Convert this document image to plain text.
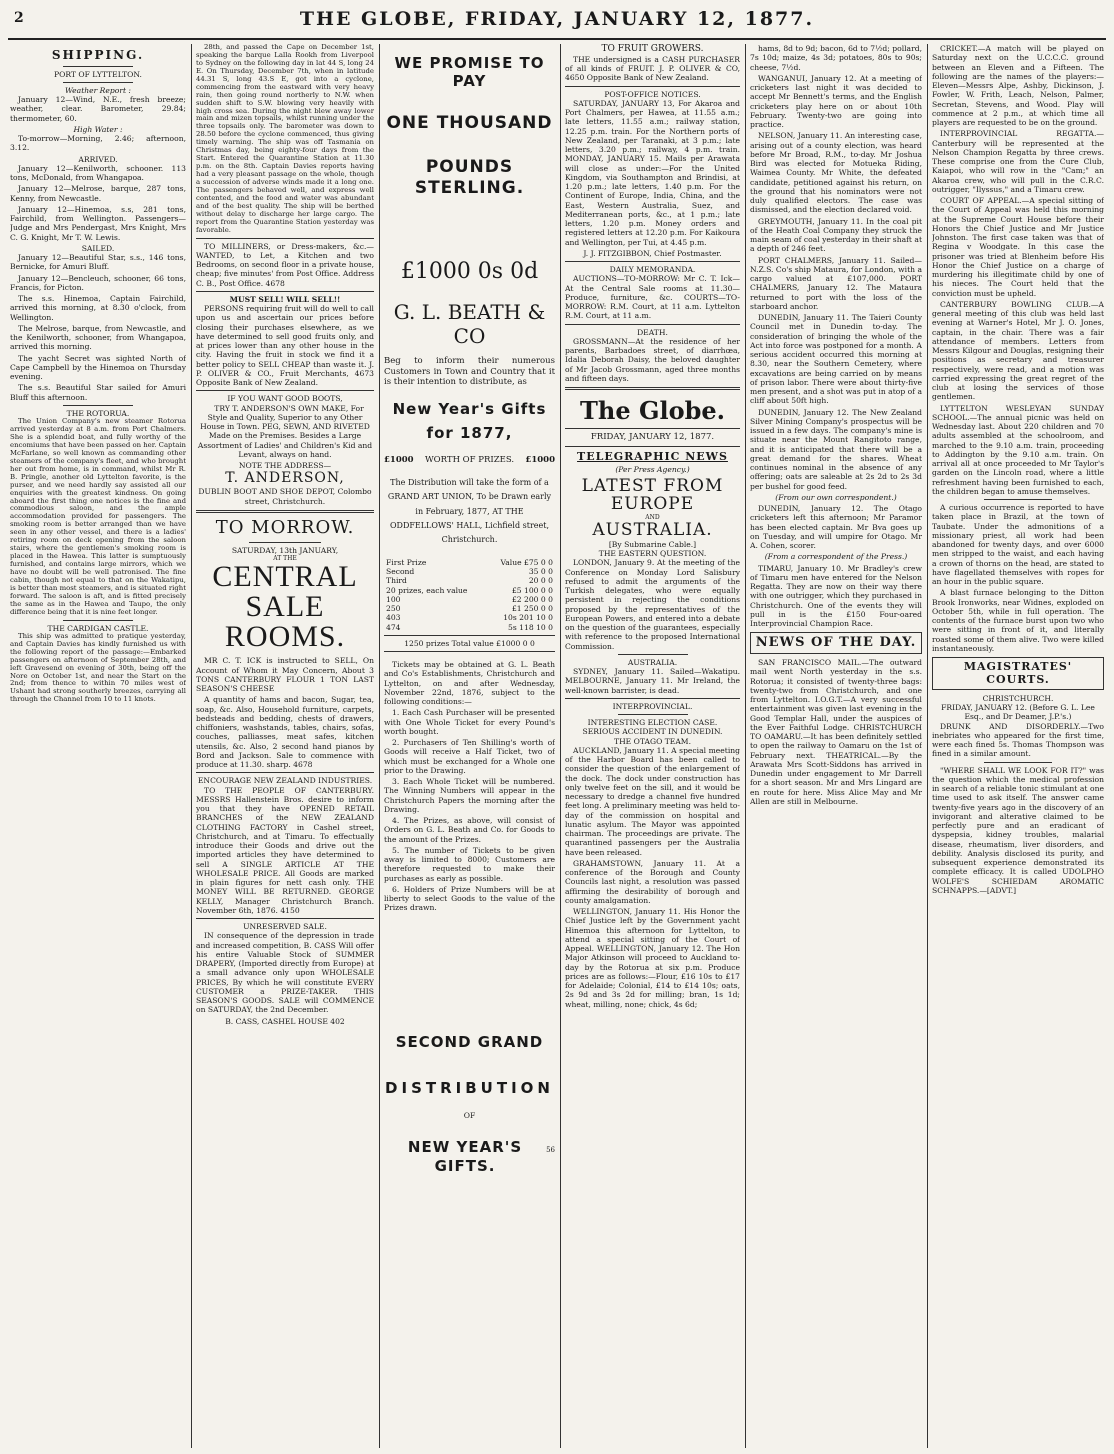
2	THE GLOBE, FRIDAY, JANUARY 12, 1877.
SHIPPING.
PORT OF LYTTELTON.
Weather Report :
January 12—Wind, N.E., fresh breeze; weather, clear. Barometer, 29.84; thermometer, 60.
High Water :
To-morrow—Morning, 2.46; afternoon, 3.12.
ARRIVED.
January 12—Kenilworth, schooner. 113 tons, McDonald, from Whangapoa.
January 12—Melrose, barque, 287 tons, Kenny, from Newcastle.
January 12—Hinemoa, s.s, 281 tons, Fairchild, from Wellington. Passengers—Judge and Mrs Pendergast, Mrs Knight, Mrs C. G. Knight, Mr T. W. Lewis.
SAILED.
January 12—Beautiful Star, s.s., 146 tons, Bernicke, for Amuri Bluff.
January 12—Bencleuch, schooner, 66 tons, Francis, for Picton.
The s.s. Hinemoa, Captain Fairchild, arrived this morning, at 8.30 o'clock, from Wellington.
The Melrose, barque, from Newcastle, and the Kenilworth, schooner, from Whangapoa, arrived this morning.
The yacht Secret was sighted North of Cape Campbell by the Hinemoa on Thursday evening.
The s.s. Beautiful Star sailed for Amuri Bluff this afternoon.
THE ROTORUA.
The Union Company's new steamer Rotorua arrived yesterday at 8 a.m. from Port Chalmers. She is a splendid boat, and fully worthy of the encomiums that have been passed on her. Captain McFarlane, so well known as commanding other steamers of the company's fleet, and who brought her out from home, is in command, whilst Mr R. B. Pringle, another old Lyttelton favorite, is the purser, and we need hardly say assisted all our enquiries with the greatest kindness. On going aboard the first thing one notices is the fine and commodious saloon, and the ample accommodation provided for passengers. The smoking room is better arranged than we have seen in any other vessel, and there is a ladies' retiring room on deck opening from the saloon stairs, where the gentlemen's smoking room is placed in the Hawea. This latter is sumptuously furnished, and contains large mirrors, which we have no doubt will be well patronised. The fine cabin, though not equal to that on the Wakatipu, is better than most steamers, and is situated right forward. The saloon is aft, and is fitted precisely the same as in the Hawea and Taupo, the only difference being that it is nine feet longer.
THE CARDIGAN CASTLE.
This ship was admitted to pratique yesterday, and Captain Davies has kindly furnished us with the following report of the passage:—Embarked passengers on afternoon of September 28th, and left Gravesend on evening of 30th, being off the Nore on October 1st, and near the Start on the 2nd; from thence to within 70 miles west of Ushant had strong southerly breezes, carrying all through the Channel from 10 to 11 knots.
28th, and passed the Cape on December 1st, speaking the barque Lalla Rookh from Liverpool to Sydney on the following day in lat 44 S, long 24 E. On Thursday, December 7th, when in latitude 44.31 S, long 43.S E, got into a cyclone, commencing from the eastward with very heavy rain, then going round northerly to N.W. when sudden shift to S.W. blowing very heavily with high cross sea. During the night blew away lower main and mizen topsails, whilst running under the three topsails only. The barometer was down to 28.50 before the cyclone commenced, thus giving timely warning. The ship was off Tasmania on Christmas day, being eighty-four days from the Start. Entered the Quarantine Station at 11.30 p.m. on the 8th. Captain Davies reports having had a very pleasant passage on the whole, though a succession of adverse winds made it a long one. The passengers behaved well, and express well contented, and the food and water was abundant and of the best quality. The ship will be berthed without delay to discharge her large cargo. The report from the Quarantine Station yesterday was favorable.
TO MILLINERS, or Dress-makers, &c.—WANTED, to Let, a Kitchen and two Bedrooms, on second floor in a private house, cheap; five minutes' from Post Office. Address C. B., Post Office. 4678
MUST SELL! WILL SELL!!
PERSONS requiring fruit will do well to call upon us and ascertain our prices before closing their purchases elsewhere, as we have determined to sell good fruits only, and at prices lower than any other house in the city. Having the fruit in stock we find it a better policy to SELL CHEAP than waste it. J. P. OLIVER & CO., Fruit Merchants, 4673 Opposite Bank of New Zealand.
IF YOU WANT GOOD BOOTS,
TRY T. ANDERSON'S OWN MAKE, For Style and Quality, Superior to any Other House in Town. PEG, SEWN, AND RIVETED Made on the Premises. Besides a Large Assortment of Ladies' and Children's Kid and Levant, always on hand.
NOTE THE ADDRESS—
T. ANDERSON,
DUBLIN BOOT AND SHOE DEPOT, Colombo street, Christchurch.
TO MORROW.
SATURDAY, 13th JANUARY,
AT THE
CENTRAL
SALE ROOMS.
MR C. T. ICK is instructed to SELL, On Account of Whom it May Concern, About 3 TONS CANTERBURY FLOUR 1 TON LAST SEASON'S CHEESE
A quantity of hams and bacon, Sugar, tea, soap, &c. Also, Household furniture, carpets, bedsteads and bedding, chests of drawers, chiffoniers, washstands, tables, chairs, sofas, couches, palliasses, meat safes, kitchen utensils, &c. Also, 2 second hand pianos by Bord and Jackson. Sale to commence with produce at 11.30. sharp. 4678
ENCOURAGE NEW ZEALAND INDUSTRIES.
TO THE PEOPLE OF CANTERBURY. MESSRS Hallenstein Bros. desire to inform you that they have OPENED RETAIL BRANCHES of the NEW ZEALAND CLOTHING FACTORY in Cashel street, Christchurch, and at Timaru. To effectually introduce their Goods and drive out the imported articles they have determined to sell A SINGLE ARTICLE AT THE WHOLESALE PRICE. All Goods are marked in plain figures for nett cash only. THE MONEY WILL BE RETURNED. GEORGE KELLY, Manager Christchurch Branch. November 6th, 1876. 4150
UNRESERVED SALE.
IN consequence of the depression in trade and increased competition, B. CASS Will offer his entire Valuable Stock of SUMMER DRAPERY, (Imported directly from Europe) at a small advance only upon WHOLESALE PRICES, By which he will constitute EVERY CUSTOMER a PRIZE-TAKER. THIS SEASON'S GOODS. SALE will COMMENCE on SATURDAY, the 2nd December.
B. CASS, CASHEL HOUSE 402
WE PROMISE TO PAY
ONE THOUSAND
POUNDS STERLING.
£1000 0s 0d
G. L. BEATH & CO
Beg to inform their numerous Customers in Town and Country that it is their intention to distribute, as
New Year's Gifts for 1877,
£1000 WORTH OF PRIZES. £1000
The Distribution will take the form of a GRAND ART UNION, To be Drawn early in February, 1877, AT THE ODDFELLOWS' HALL, Lichfield street, Christchurch.
First Prize	Value £75 0 0
Second	35 0 0
Third	20 0 0
20 prizes, each value	£5 100 0 0
100	£2 200 0 0
250	£1 250 0 0
403	10s 201 10 0
474	5s 118 10 0
1250 prizes Total value £1000 0 0
Tickets may be obtained at G. L. Beath and Co's Establishments, Christchurch and Lyttelton, on and after Wednesday, November 22nd, 1876, subject to the following conditions:—
1. Each Cash Purchaser will be presented with One Whole Ticket for every Pound's worth bought.
2. Purchasers of Ten Shilling's worth of Goods will receive a Half Ticket, two of which must be exchanged for a Whole one prior to the Drawing.
3. Each Whole Ticket will be numbered. The Winning Numbers will appear in the Christchurch Papers the morning after the Drawing.
4. The Prizes, as above, will consist of Orders on G. L. Beath and Co. for Goods to the amount of the Prizes.
5. The number of Tickets to be given away is limited to 8000; Customers are therefore requested to make their purchases as early as possible.
6. Holders of Prize Numbers will be at liberty to select Goods to the value of the Prizes drawn.
SECOND GRAND
DISTRIBUTION
OF
NEW YEAR'S GIFTS.
56
TO FRUIT GROWERS.
THE undersigned is a CASH PURCHASER of all kinds of FRUIT. J. P. OLIVER & CO, 4650 Opposite Bank of New Zealand.
POST-OFFICE NOTICES.
SATURDAY, JANUARY 13, For Akaroa and Port Chalmers, per Hawea, at 11.55 a.m.; late letters, 11.55 a.m.; railway station, 12.25 p.m. train. For the Northern ports of New Zealand, per Taranaki, at 3 p.m.; late letters, 3.20 p.m.; railway, 4 p.m. train. MONDAY, JANUARY 15. Mails per Arawata will close as under:—For the United Kingdom, via Southampton and Brindisi, at 1.20 p.m.; late letters, 1.40 p.m. For the Continent of Europe, India, China, and the East, Western Australia, Suez, and Mediterranean ports, &c., at 1 p.m.; late letters, 1.20 p.m. Money orders and registered letters at 12.20 p.m. For Kaikoura and Wellington, per Tui, at 4.45 p.m.
J. J. FITZGIBBON, Chief Postmaster.
DAILY MEMORANDA.
AUCTIONS—TO-MORROW: Mr C. T. Ick—At the Central Sale rooms at 11.30—Produce, furniture, &c. COURTS—TO-MORROW: R.M. Court, at 11 a.m. Lyttelton R.M. Court, at 11 a.m.
DEATH.
GROSSMANN—At the residence of her parents, Barbadoes street, of diarrhœa, Idalia Deborah Daisy, the beloved daughter of Mr Jacob Grossmann, aged three months and fifteen days.
The Globe.
FRIDAY, JANUARY 12, 1877.
TELEGRAPHIC NEWS
(Per Press Agency.)
LATEST FROM EUROPE
AND
AUSTRALIA.
[By Submarine Cable.]
THE EASTERN QUESTION.
LONDON, January 9. At the meeting of the Conference on Monday Lord Salisbury refused to admit the arguments of the Turkish delegates, who were equally persistent in rejecting the conditions proposed by the representatives of the European Powers, and entered into a debate on the question of the guarantees, especially with reference to the proposed International Commission.
AUSTRALIA.
SYDNEY, January 11. Sailed—Wakatipu. MELBOURNE, January 11. Mr Ireland, the well-known barrister, is dead.
INTERPROVINCIAL.
INTERESTING ELECTION CASE.
SERIOUS ACCIDENT IN DUNEDIN.
THE OTAGO TEAM.
AUCKLAND, January 11. A special meeting of the Harbor Board has been called to consider the question of the enlargement of the dock. The dock under construction has only twelve feet on the sill, and it would be necessary to dredge a channel five hundred feet long. A preliminary meeting was held to-day of the commission on hospital and lunatic asylum. The Mayor was appointed chairman. The proceedings are private. The quarantined passengers per the Australia have been released.
GRAHAMSTOWN, January 11. At a conference of the Borough and County Councils last night, a resolution was passed affirming the desirability of borough and county amalgamation.
WELLINGTON, January 11. His Honor the Chief Justice left by the Government yacht Hinemoa this afternoon for Lyttelton, to attend a special sitting of the Court of Appeal. WELLINGTON, January 12. The Hon Major Atkinson will proceed to Auckland to-day by the Rotorua at six p.m. Produce prices are as follows:—Flour, £16 10s to £17 for Adelaide; Colonial, £14 to £14 10s; oats, 2s 9d and 3s 2d for milling; bran, 1s 1d; wheat, milling, none; chick, 4s 6d;
hams, 8d to 9d; bacon, 6d to 7½d; pollard, 7s 10d; maize, 4s 3d; potatoes, 80s to 90s; cheese, 7½d.
WANGANUI, January 12. At a meeting of cricketers last night it was decided to accept Mr Bennett's terms, and the English cricketers play here on or about 10th February. Twenty-two are going into practice.
NELSON, January 11. An interesting case, arising out of a county election, was heard before Mr Broad, R.M., to-day. Mr Joshua Bird was elected for Motueka Riding, Waimea County. Mr White, the defeated candidate, petitioned against his return, on the ground that his nominators were not duly qualified electors. The case was dismissed, and the election declared void.
GREYMOUTH, January 11. In the coal pit of the Heath Coal Company they struck the main seam of coal yesterday in their shaft at a depth of 246 feet.
PORT CHALMERS, January 11. Sailed—N.Z.S. Co's ship Mataura, for London, with a cargo valued at £107,000. PORT CHALMERS, January 12. The Mataura returned to port with the loss of the starboard anchor.
DUNEDIN, January 11. The Taieri County Council met in Dunedin to-day. The consideration of bringing the whole of the Act into force was postponed for a month. A serious accident occurred this morning at 8.30, near the Southern Cemetery, where excavations are being carried on by means of prison labor. There were about thirty-five men present, and a shot was put in atop of a cliff about 50ft high.
DUNEDIN, January 12. The New Zealand Silver Mining Company's prospectus will be issued in a few days. The company's mine is situate near the Mount Rangitoto range, and it is anticipated that there will be a great demand for the shares. Wheat continues nominal in the absence of any offering; oats are saleable at 2s 2d to 2s 3d per bushel for good feed.
(From our own correspondent.)
DUNEDIN, January 12. The Otago cricketers left this afternoon; Mr Paramor has been elected captain. Mr Bva goes up on Tuesday, and will umpire for Otago. Mr A. Cohen, scorer.
(From a correspondent of the Press.)
TIMARU, January 10. Mr Bradley's crew of Timaru men have entered for the Nelson Regatta. They are now on their way there with one outrigger, which they purchased in Christchurch. One of the events they will pull in is the £150 Four-oared Interprovincial Champion Race.
NEWS OF THE DAY.
SAN FRANCISCO MAIL.—The outward mail went North yesterday in the s.s. Rotorua; it consisted of twenty-three bags: twenty-two from Christchurch, and one from Lyttelton. I.O.G.T.—A very successful entertainment was given last evening in the Good Templar Hall, under the auspices of the Ever Faithful Lodge. CHRISTCHURCH TO OAMARU.—It has been definitely settled to open the railway to Oamaru on the 1st of February next. THEATRICAL.—By the Arawata Mrs Scott-Siddons has arrived in Dunedin under engagement to Mr Darrell for a short season. Mr and Mrs Lingard are en route for here. Miss Alice May and Mr Allen are still in Melbourne.
CRICKET.—A match will be played on Saturday next on the U.C.C.C. ground between an Eleven and a Fifteen. The following are the names of the players:—Eleven—Messrs Alpe, Ashby, Dickinson, J. Fowler, W. Frith, Leach, Nelson, Palmer, Secretan, Stevens, and Wood. Play will commence at 2 p.m., at which time all players are requested to be on the ground.
INTERPROVINCIAL REGATTA.—Canterbury will be represented at the Nelson Champion Regatta by three crews. These comprise one from the Cure Club, Kaiapoi, who will row in the "Cam;" an Akaroa crew, who will pull in the C.R.C. outrigger, "Ilyssus," and a Timaru crew.
COURT OF APPEAL.—A special sitting of the Court of Appeal was held this morning at the Supreme Court House before their Honors the Chief Justice and Mr Justice Johnston. The first case taken was that of Regina v Woodgate. In this case the prisoner was tried at Blenheim before His Honor the Chief Justice on a charge of murdering his illegitimate child by one of his nieces. The Court held that the conviction must be upheld.
CANTERBURY BOWLING CLUB.—A general meeting of this club was held last evening at Warner's Hotel, Mr J. O. Jones, captain, in the chair. There was a fair attendance of members. Letters from Messrs Kilgour and Douglas, resigning their positions as secretary and treasurer respectively, were read, and a motion was carried expressing the great regret of the club at losing the services of those gentlemen.
LYTTELTON WESLEYAN SUNDAY SCHOOL.—The annual picnic was held on Wednesday last. About 220 children and 70 adults assembled at the schoolroom, and marched to the 9.10 a.m. train, proceeding to Addington by the 9.10 a.m. train. On arrival all at once proceeded to Mr Taylor's garden on the Lincoln road, where a little refreshment having been furnished to each, the children began to amuse themselves.
A curious occurrence is reported to have taken place in Brazil, at the town of Taubate. Under the admonitions of a missionary priest, all work had been abandoned for twenty days, and over 6000 men stripped to the waist, and each having a crown of thorns on the head, are stated to have flagellated themselves with ropes for an hour in the public square.
A blast furnace belonging to the Ditton Brook Ironworks, near Widnes, exploded on October 5th, while in full operation. The contents of the furnace burst upon two who were sitting in front of it, and literally roasted some of them alive. Two were killed instantaneously.
MAGISTRATES' COURTS.
CHRISTCHURCH.
FRIDAY, JANUARY 12. (Before G. L. Lee Esq., and Dr Deamer, J.P.'s.)
DRUNK AND DISORDERLY.—Two inebriates who appeared for the first time, were each fined 5s. Thomas Thompson was fined in a similar amount.
"WHERE SHALL WE LOOK FOR IT?" was the question which the medical profession in search of a reliable tonic stimulant at one time used to ask itself. The answer came twenty-five years ago in the discovery of an invigorant and alterative claimed to be perfectly pure and an eradicant of dyspepsia, kidney troubles, malarial disease, rheumatism, liver disorders, and debility. Analysis disclosed its purity, and subsequent experience demonstrated its complete efficacy. It is called UDOLPHO WOLFE'S SCHIEDAM AROMATIC SCHNAPPS.—[ADVT.]
